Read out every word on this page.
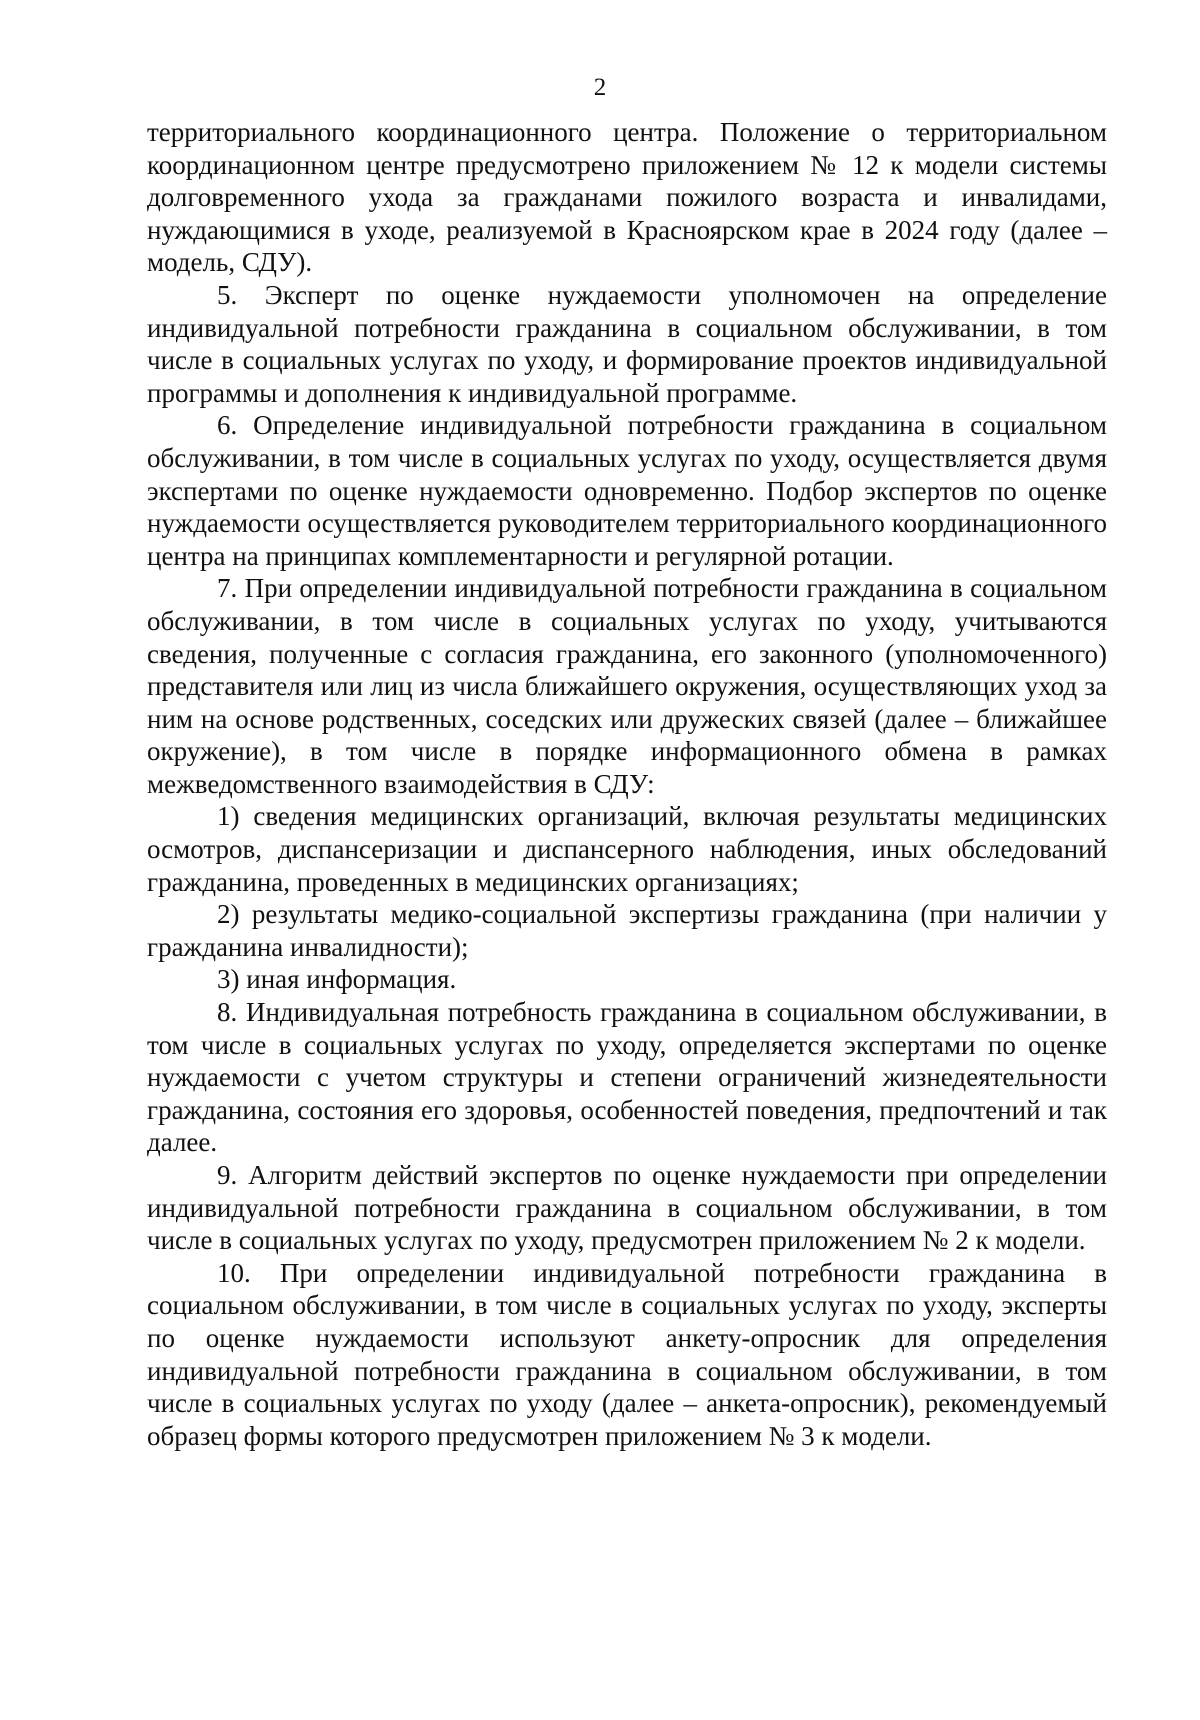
2

территориального координационного центра. Положение о территориальном координационном центре предусмотрено приложением № 12 к модели системы долговременного ухода за гражданами пожилого возраста и инвалидами, нуждающимися в уходе, реализуемой в Красноярском крае в 2024 году (далее – модель, СДУ).

5. Эксперт по оценке нуждаемости уполномочен на определение индивидуальной потребности гражданина в социальном обслуживании, в том числе в социальных услугах по уходу, и формирование проектов индивидуальной программы и дополнения к индивидуальной программе.

6. Определение индивидуальной потребности гражданина в социальном обслуживании, в том числе в социальных услугах по уходу, осуществляется двумя экспертами по оценке нуждаемости одновременно. Подбор экспертов по оценке нуждаемости осуществляется руководителем территориального координационного центра на принципах комплементарности и регулярной ротации.

7. При определении индивидуальной потребности гражданина в социальном обслуживании, в том числе в социальных услугах по уходу, учитываются сведения, полученные с согласия гражданина, его законного (уполномоченного) представителя или лиц из числа ближайшего окружения, осуществляющих уход за ним на основе родственных, соседских или дружеских связей (далее – ближайшее окружение), в том числе в порядке информационного обмена в рамках межведомственного взаимодействия в СДУ:

1) сведения медицинских организаций, включая результаты медицинских осмотров, диспансеризации и диспансерного наблюдения, иных обследований гражданина, проведенных в медицинских организациях;

2) результаты медико-социальной экспертизы гражданина (при наличии у гражданина инвалидности);

3) иная информация.

8. Индивидуальная потребность гражданина в социальном обслуживании, в том числе в социальных услугах по уходу, определяется экспертами по оценке нуждаемости с учетом структуры и степени ограничений жизнедеятельности гражданина, состояния его здоровья, особенностей поведения, предпочтений и так далее.

9. Алгоритм действий экспертов по оценке нуждаемости при определении индивидуальной потребности гражданина в социальном обслуживании, в том числе в социальных услугах по уходу, предусмотрен приложением № 2 к модели.

10. При определении индивидуальной потребности гражданина в социальном обслуживании, в том числе в социальных услугах по уходу, эксперты по оценке нуждаемости используют анкету-опросник для определения индивидуальной потребности гражданина в социальном обслуживании, в том числе в социальных услугах по уходу (далее – анкета-опросник), рекомендуемый образец формы которого предусмотрен приложением № 3 к модели.
